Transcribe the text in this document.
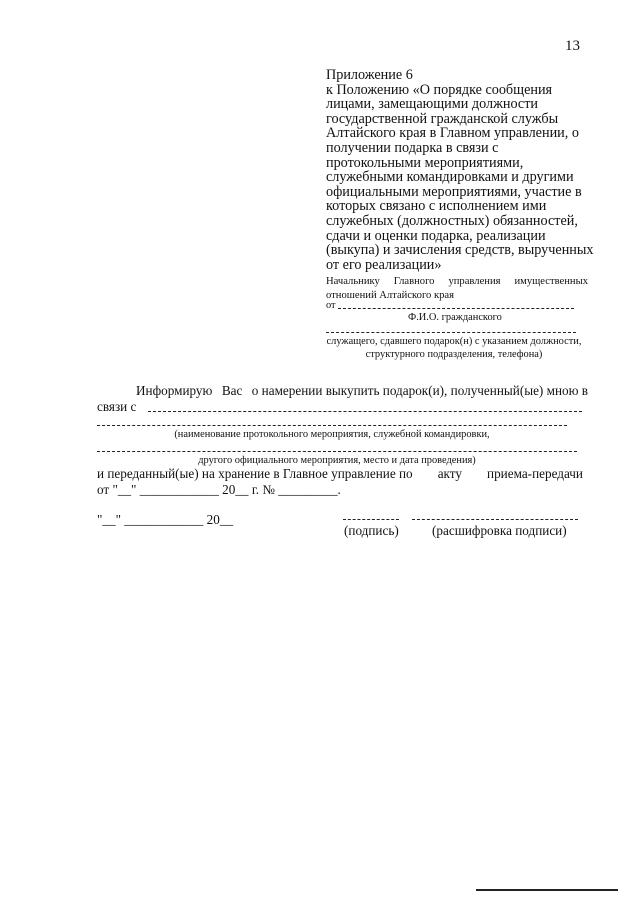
13
Приложение 6
к Положению «О порядке сообщения
лицами, замещающими должности
государственной гражданской службы
Алтайского края в Главном управлении, о
получении подарка в связи с
протокольными мероприятиями,
служебными командировками и другими
официальными мероприятиями, участие в
которых связано с исполнением ими
служебных (должностных) обязанностей,
сдачи и оценки подарка, реализации
(выкупа) и зачисления средств, вырученных
от его реализации»
Начальнику Главного управления имущественных
отношений Алтайского края
от
Ф.И.О. гражданского
служащего, сдавшего подарок(н) с указанием должности,
структурного подразделения, телефона)
Информирую Вас о намерении выкупить подарок(и), полученный(ые) мною в
связи с
(наименование протокольного мероприятия, служебной командировки,
другого официального мероприятия, место и дата проведения)
и переданный(ые) на хранение в Главное управление по акту приема-передачи
от "__" ____________ 20__ г. № _________.
"__" ____________ 20__
(подпись)	(расшифровка подписи)
